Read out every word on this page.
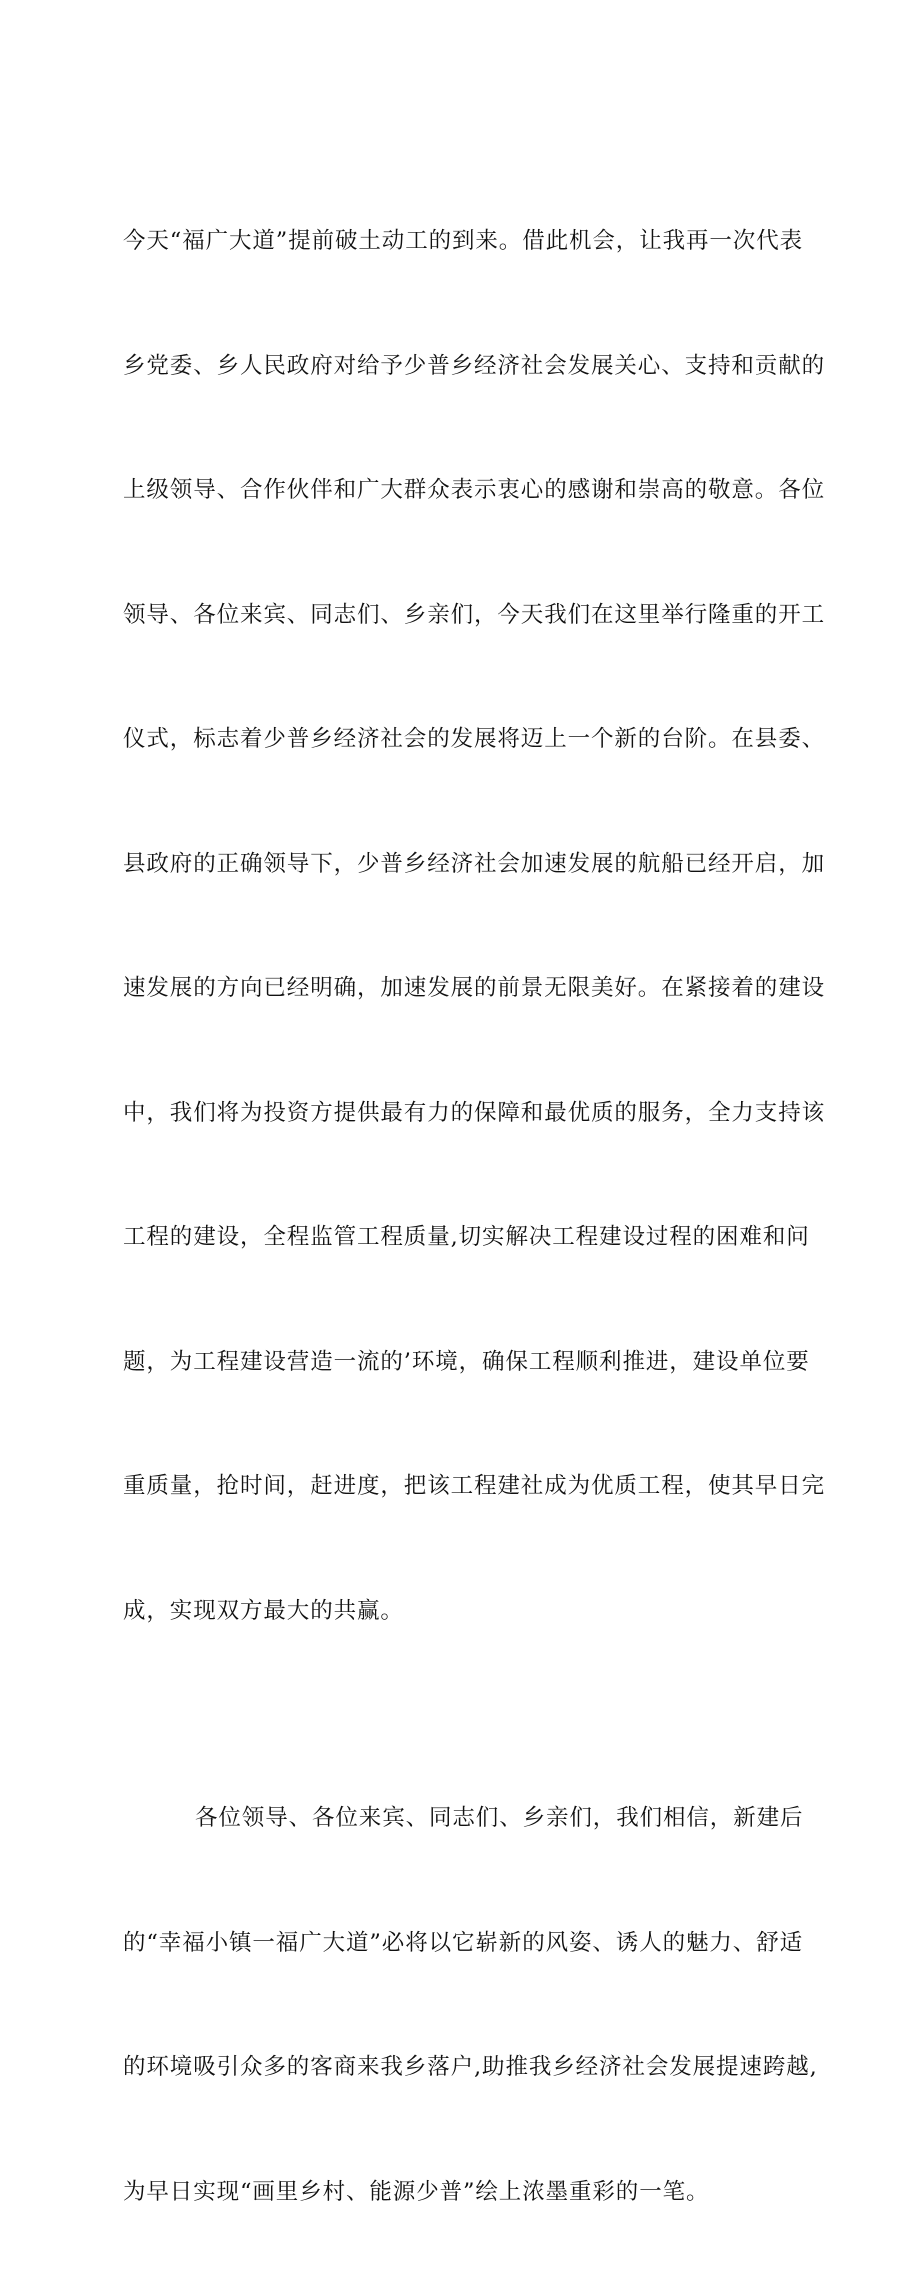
今天“福广大道”提前破土动工的到来。借此机会，让我再一次代表

乡党委、乡人民政府对给予少普乡经济社会发展关心、支持和贡献的

上级领导、合作伙伴和广大群众表示衷心的感谢和崇高的敬意。各位

领导、各位来宾、同志们、乡亲们，今天我们在这里举行隆重的开工

仪式，标志着少普乡经济社会的发展将迈上一个新的台阶。在县委、

县政府的正确领导下，少普乡经济社会加速发展的航船已经开启，加

速发展的方向已经明确，加速发展的前景无限美好。在紧接着的建设

中，我们将为投资方提供最有力的保障和最优质的服务，全力支持该

工程的建设，全程监管工程质量,切实解决工程建设过程的困难和问

题，为工程建设营造一流的’环境，确保工程顺利推进，建设单位要

重质量，抢时间，赶进度，把该工程建社成为优质工程，使其早日完

成，实现双方最大的共赢。

各位领导、各位来宾、同志们、乡亲们，我们相信，新建后

的“幸福小镇一福广大道”必将以它崭新的风姿、诱人的魅力、舒适

的环境吸引众多的客商来我乡落户,助推我乡经济社会发展提速跨越,

为早日实现“画里乡村、能源少普”绘上浓墨重彩的一笔。
